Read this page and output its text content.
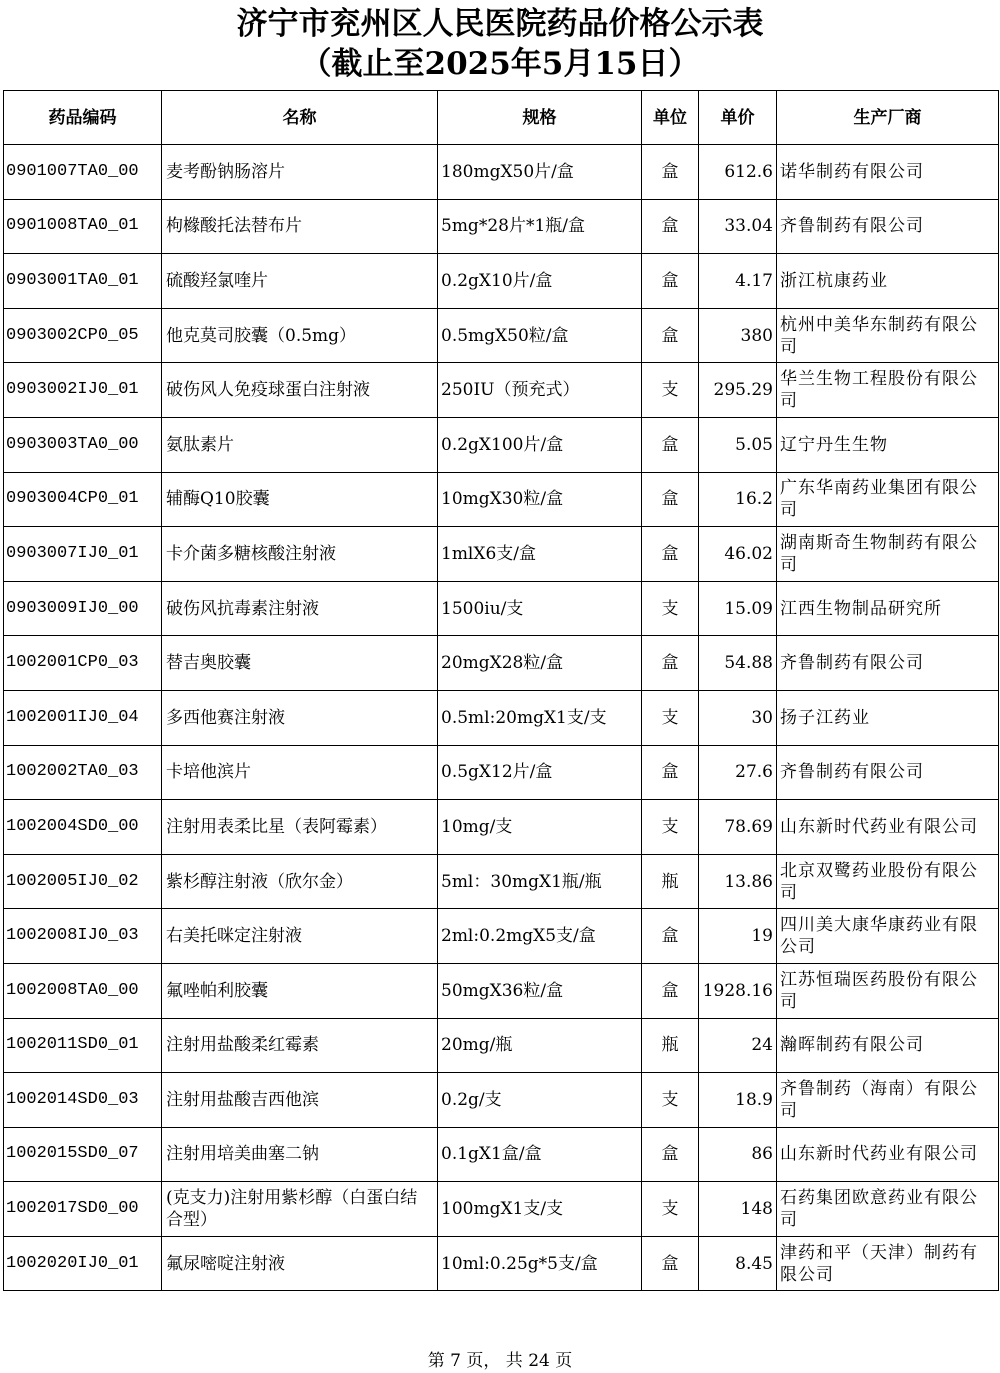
济宁市兖州区人民医院药品价格公示表
（截止至2025年5月15日）
药品编码	名称	规格	单位	单价	生产厂商
0901007TA0_00	麦考酚钠肠溶片	180mgX50片/盒	盒	612.6	诺华制药有限公司
0901008TA0_01	枸橼酸托法替布片	5mg*28片*1瓶/盒	盒	33.04	齐鲁制药有限公司
0903001TA0_01	硫酸羟氯喹片	0.2gX10片/盒	盒	4.17	浙江杭康药业
0903002CP0_05	他克莫司胶囊（0.5mg）	0.5mgX50粒/盒	盒	380	杭州中美华东制药有限公司
0903002IJ0_01	破伤风人免疫球蛋白注射液	250IU（预充式）	支	295.29	华兰生物工程股份有限公司
0903003TA0_00	氨肽素片	0.2gX100片/盒	盒	5.05	辽宁丹生生物
0903004CP0_01	辅酶Q10胶囊	10mgX30粒/盒	盒	16.2	广东华南药业集团有限公司
0903007IJ0_01	卡介菌多糖核酸注射液	1mlX6支/盒	盒	46.02	湖南斯奇生物制药有限公司
0903009IJ0_00	破伤风抗毒素注射液	1500iu/支	支	15.09	江西生物制品研究所
1002001CP0_03	替吉奥胶囊	20mgX28粒/盒	盒	54.88	齐鲁制药有限公司
1002001IJ0_04	多西他赛注射液	0.5ml:20mgX1支/支	支	30	扬子江药业
1002002TA0_03	卡培他滨片	0.5gX12片/盒	盒	27.6	齐鲁制药有限公司
1002004SD0_00	注射用表柔比星（表阿霉素）	10mg/支	支	78.69	山东新时代药业有限公司
1002005IJ0_02	紫杉醇注射液（欣尔金）	5ml：30mgX1瓶/瓶	瓶	13.86	北京双鹭药业股份有限公司
1002008IJ0_03	右美托咪定注射液	2ml:0.2mgX5支/盒	盒	19	四川美大康华康药业有限公司
1002008TA0_00	氟唑帕利胶囊	50mgX36粒/盒	盒	1928.16	江苏恒瑞医药股份有限公司
1002011SD0_01	注射用盐酸柔红霉素	20mg/瓶	瓶	24	瀚晖制药有限公司
1002014SD0_03	注射用盐酸吉西他滨	0.2g/支	支	18.9	齐鲁制药（海南）有限公司
1002015SD0_07	注射用培美曲塞二钠	0.1gX1盒/盒	盒	86	山东新时代药业有限公司
1002017SD0_00	(克支力)注射用紫杉醇（白蛋白结合型）	100mgX1支/支	支	148	石药集团欧意药业有限公司
1002020IJ0_01	氟尿嘧啶注射液	10ml:0.25g*5支/盒	盒	8.45	津药和平（天津）制药有限公司
第 7 页， 共 24 页
